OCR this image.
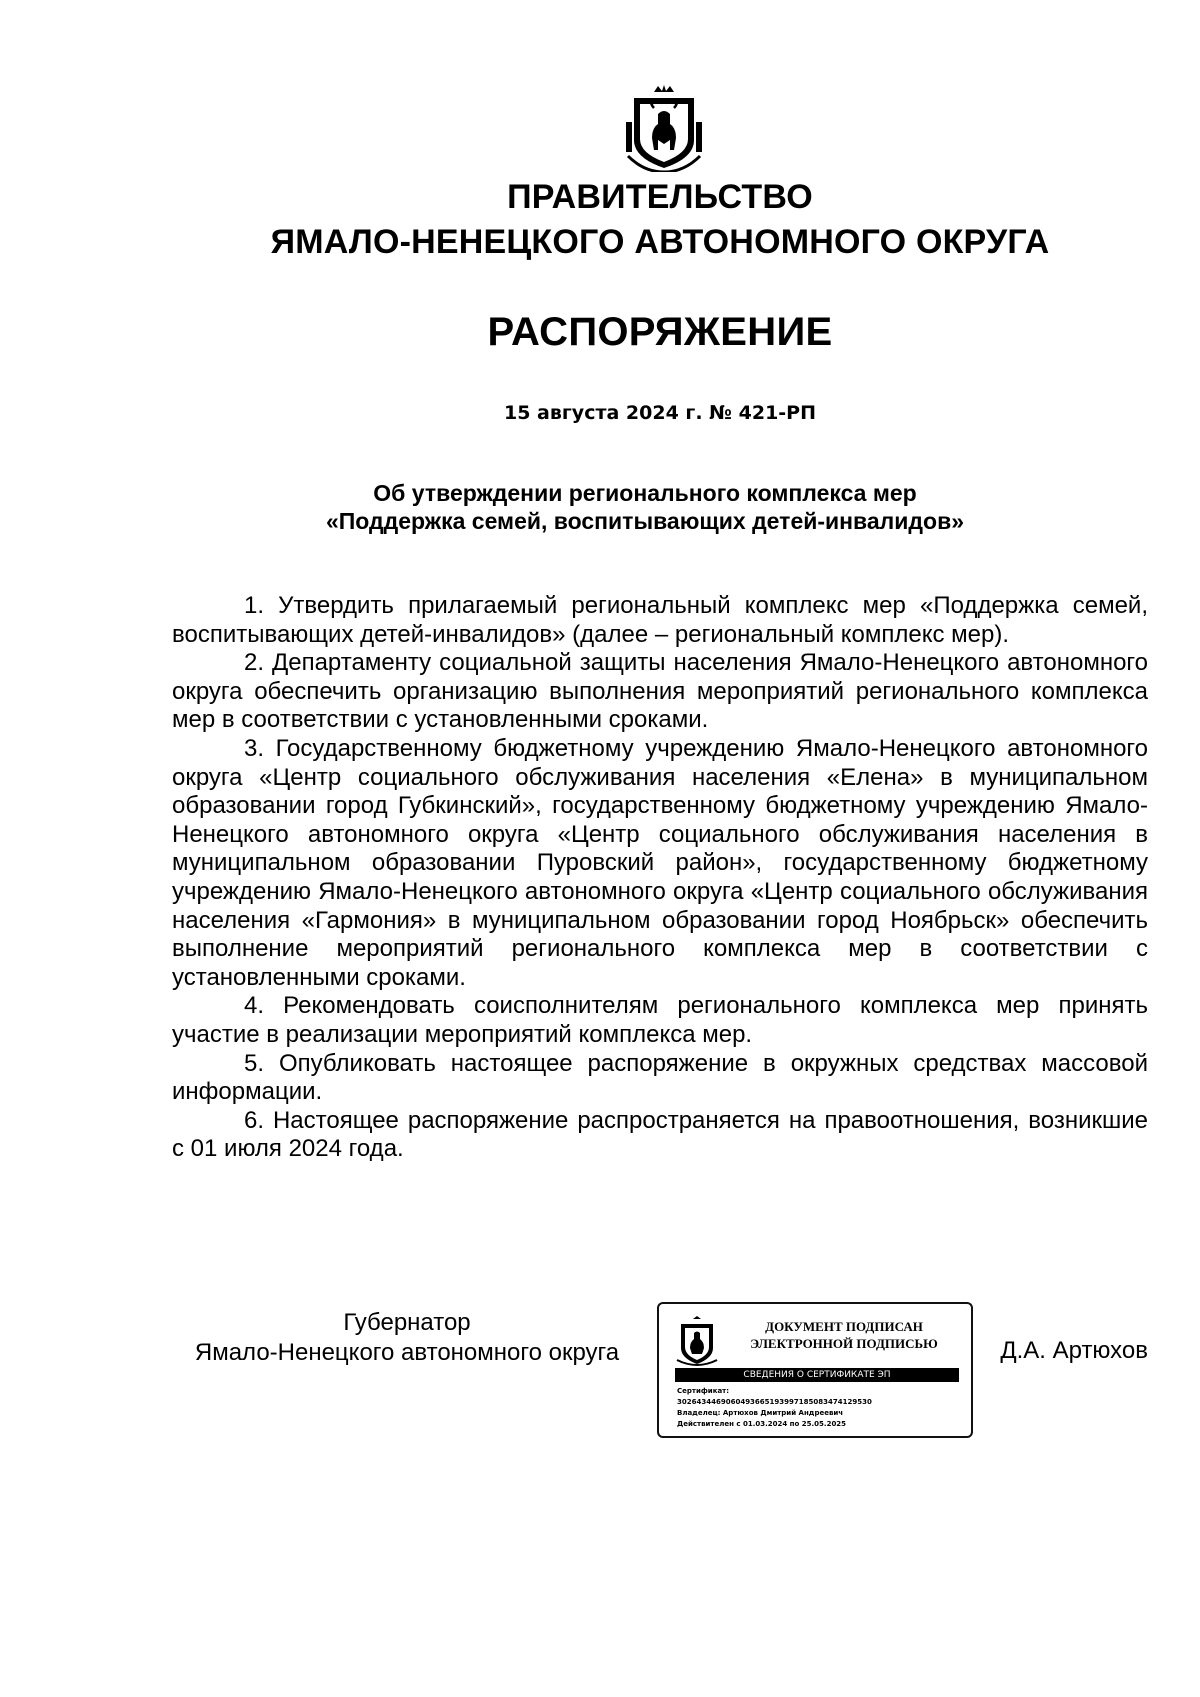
ПРАВИТЕЛЬСТВО
ЯМАЛО-НЕНЕЦКОГО АВТОНОМНОГО ОКРУГА
РАСПОРЯЖЕНИЕ
15 августа 2024 г. № 421-РП
Об утверждении регионального комплекса мер
«Поддержка семей, воспитывающих детей-инвалидов»

1. Утвердить прилагаемый региональный комплекс мер «Поддержка семей, воспитывающих детей-инвалидов» (далее – региональный комплекс мер).

2. Департаменту социальной защиты населения Ямало-Ненецкого автономного округа обеспечить организацию выполнения мероприятий регионального комплекса мер в соответствии с установленными сроками.

3. Государственному бюджетному учреждению Ямало-Ненецкого автономного округа «Центр социального обслуживания населения «Елена» в муниципальном образовании город Губкинский», государственному бюджетному учреждению Ямало-Ненецкого автономного округа «Центр социального обслуживания населения в муниципальном образовании Пуровский район», государственному бюджетному учреждению Ямало-Ненецкого автономного округа «Центр социального обслуживания населения «Гармония» в муниципальном образовании город Ноябрьск» обеспечить выполнение мероприятий регионального комплекса мер в соответствии с установленными сроками.

4. Рекомендовать соисполнителям регионального комплекса мер принять участие в реализации мероприятий комплекса мер.

5. Опубликовать настоящее распоряжение в окружных средствах массовой информации.

6. Настоящее распоряжение распространяется на правоотношения, возникшие с 01 июля 2024 года.

Губернатор
Ямало-Ненецкого автономного округа
ДОКУМЕНТ ПОДПИСАН
ЭЛЕКТРОННОЙ ПОДПИСЬЮ
СВЕДЕНИЯ О СЕРТИФИКАТЕ ЭП
Сертификат:
3026434469060493665193997185083474129530
Владелец: Артюхов Дмитрий Андреевич
Действителен с 01.03.2024 по 25.05.2025
Д.А. Артюхов
